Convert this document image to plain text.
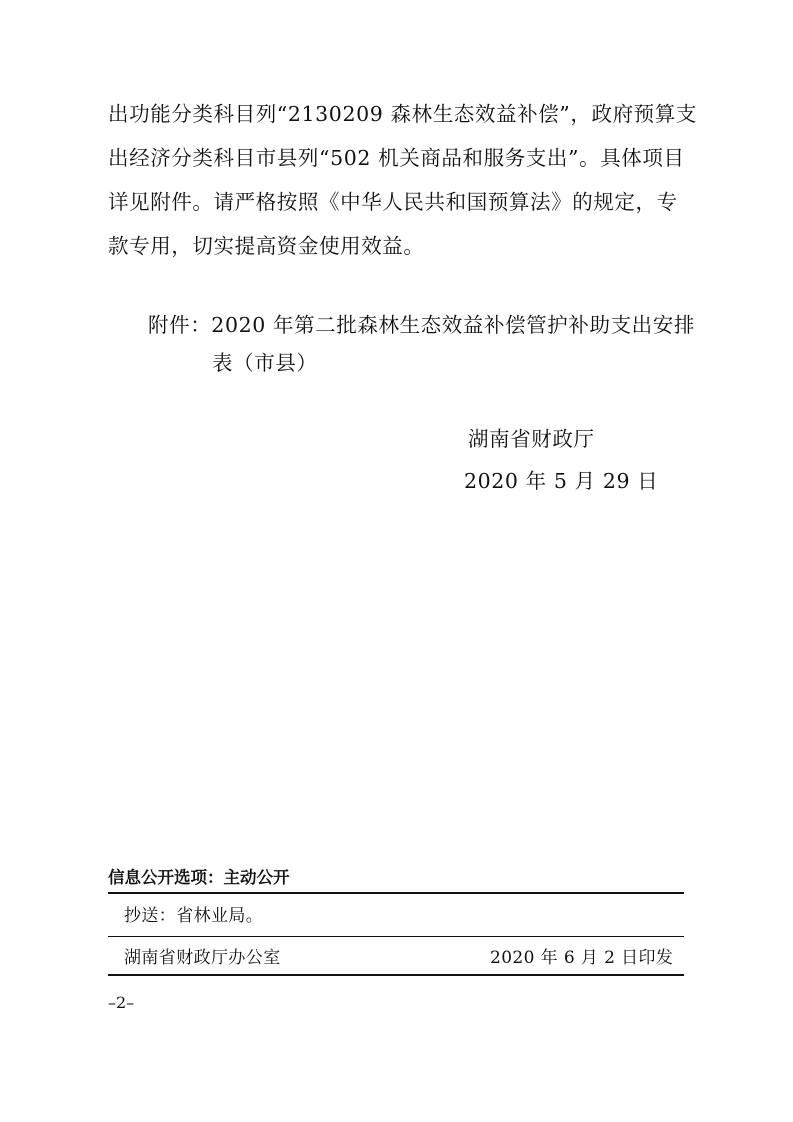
出功能分类科目列“2130209 森林生态效益补偿”，政府预算支
出经济分类科目市县列“502 机关商品和服务支出”。具体项目
详见附件。请严格按照《中华人民共和国预算法》的规定，专
款专用，切实提高资金使用效益。
附件：2020 年第二批森林生态效益补偿管护补助支出安排
表（市县）
湖南省财政厅
2020 年 5 月 29 日
信息公开选项：主动公开
抄送：省林业局。
湖南省财政厅办公室	2020 年 6 月 2 日印发
–2–
